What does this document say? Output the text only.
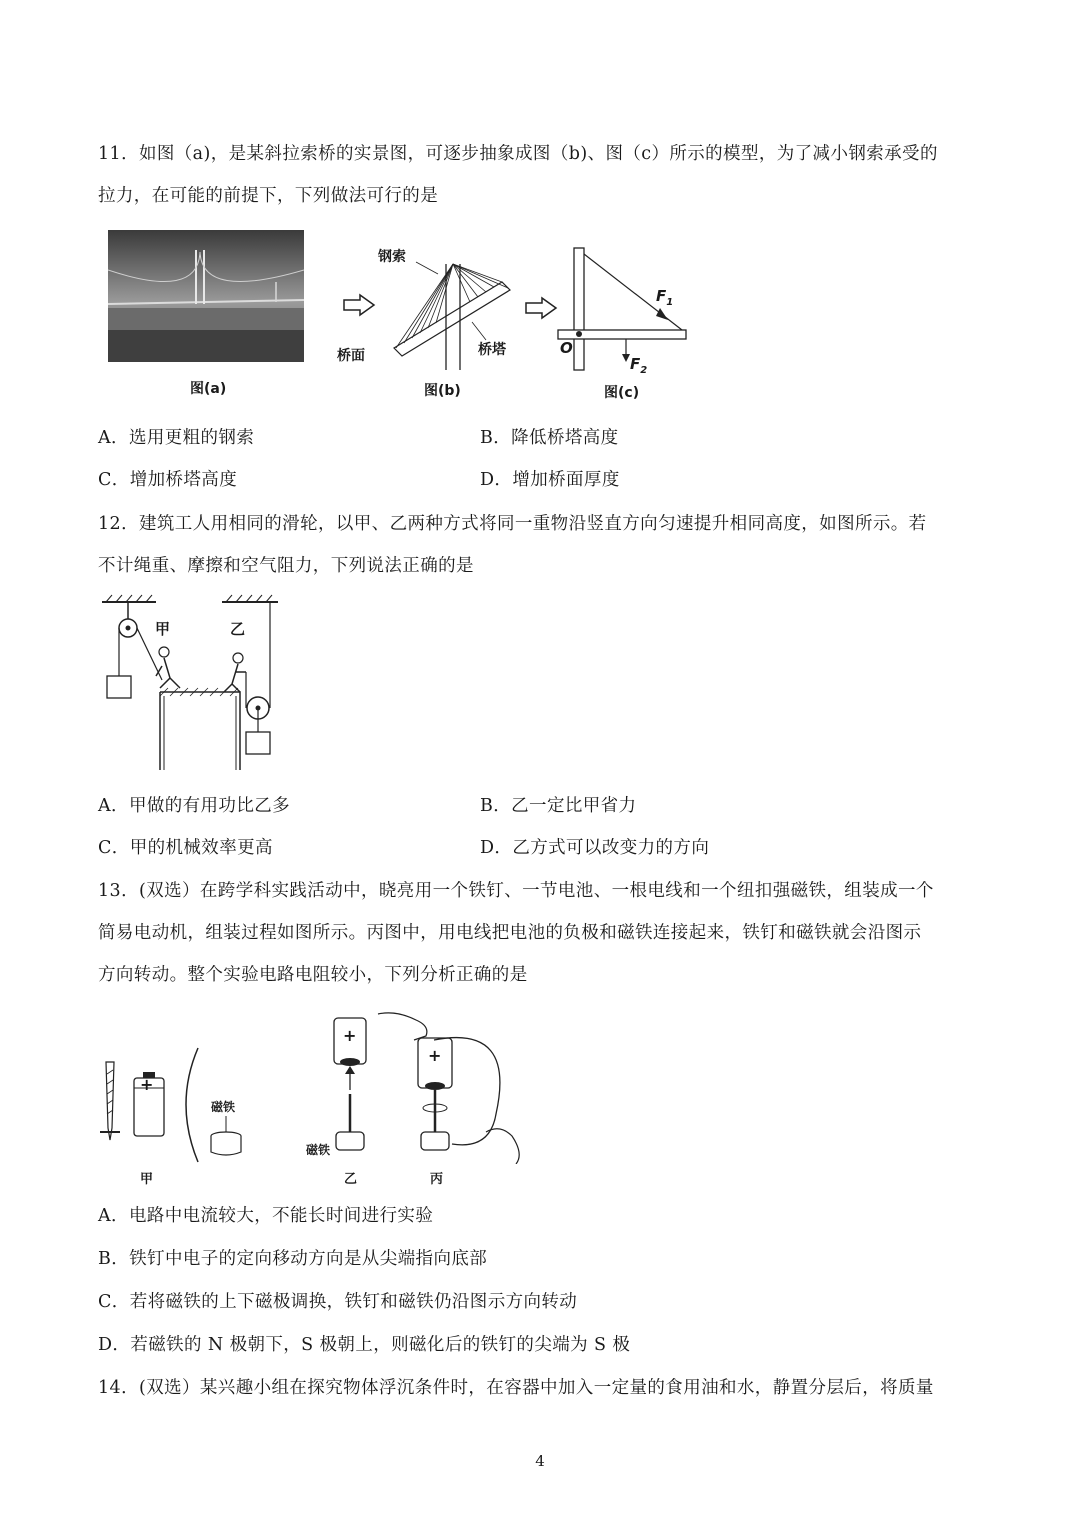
11．如图（a)，是某斜拉索桥的实景图，可逐步抽象成图（b)、图（c）所示的模型，为了减小钢索承受的
拉力，在可能的前提下，下列做法可行的是
图(a)
钢索
桥面	桥塔
图(b)
O
$F_1$
$F_2$
图(c)
A．选用更粗的钢索	B．降低桥塔高度
C．增加桥塔高度	D．增加桥面厚度
12．建筑工人用相同的滑轮，以甲、乙两种方式将同一重物沿竖直方向匀速提升相同高度，如图所示。若
不计绳重、摩擦和空气阻力，下列说法正确的是
甲	乙
A．甲做的有用功比乙多	B．乙一定比甲省力
C．甲的机械效率更高	D．乙方式可以改变力的方向
13．(双选）在跨学科实践活动中，晓亮用一个铁钉、一节电池、一根电线和一个纽扣强磁铁，组装成一个
简易电动机，组装过程如图所示。丙图中，用电线把电池的负极和磁铁连接起来，铁钉和磁铁就会沿图示
方向转动。整个实验电路电阻较小，下列分析正确的是
+
+
+
磁铁
磁铁
甲	乙	丙
A．电路中电流较大，不能长时间进行实验
B．铁钉中电子的定向移动方向是从尖端指向底部
C．若将磁铁的上下磁极调换，铁钉和磁铁仍沿图示方向转动
D．若磁铁的 N 极朝下，S 极朝上，则磁化后的铁钉的尖端为 S 极
14．(双选）某兴趣小组在探究物体浮沉条件时，在容器中加入一定量的食用油和水，静置分层后，将质量
4
